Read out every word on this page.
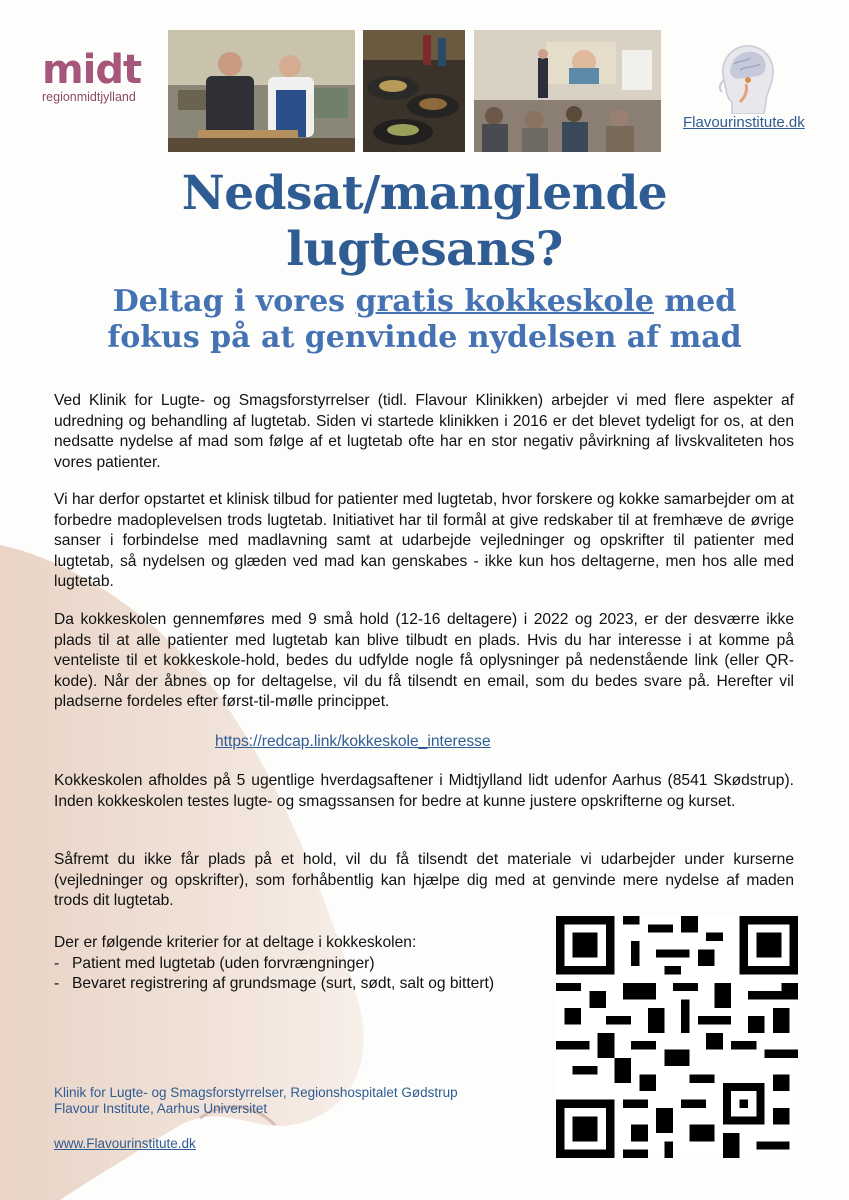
midt
regionmidtjylland
Flavourinstitute.dk
Nedsat/manglende
lugtesans?
Deltag i vores gratis kokkeskole med
fokus på at genvinde nydelsen af mad

Ved Klinik for Lugte- og Smagsforstyrrelser (tidl. Flavour Klinikken) arbejder vi med flere aspekter af udredning og behandling af lugtetab. Siden vi startede klinikken i 2016 er det blevet tydeligt for os, at den nedsatte nydelse af mad som følge af et lugtetab ofte har en stor negativ påvirkning af livskvaliteten hos vores patienter.

Vi har derfor opstartet et klinisk tilbud for patienter med lugtetab, hvor forskere og kokke samarbejder om at forbedre madoplevelsen trods lugtetab. Initiativet har til formål at give redskaber til at fremhæve de øvrige sanser i forbindelse med madlavning samt at udarbejde vejledninger og opskrifter til patienter med lugtetab, så nydelsen og glæden ved mad kan genskabes - ikke kun hos deltagerne, men hos alle med lugtetab.

Da kokkeskolen gennemføres med 9 små hold (12-16 deltagere) i 2022 og 2023, er der desværre ikke plads til at alle patienter med lugtetab kan blive tilbudt en plads. Hvis du har interesse i at komme på venteliste til et kokkeskole-hold, bedes du udfylde nogle få oplysninger på nedenstående link (eller QR-kode). Når der åbnes op for deltagelse, vil du få tilsendt en email, som du bedes svare på. Herefter vil pladserne fordeles efter først-til-mølle princippet.

https://redcap.link/kokkeskole_interesse

Kokkeskolen afholdes på 5 ugentlige hverdagsaftener i Midtjylland lidt udenfor Aarhus (8541 Skødstrup). Inden kokkeskolen testes lugte- og smagssansen for bedre at kunne justere opskrifterne og kurset.

Såfremt du ikke får plads på et hold, vil du få tilsendt det materiale vi udarbejder under kurserne (vejledninger og opskrifter), som forhåbentlig kan hjælpe dig med at genvinde mere nydelse af maden trods dit lugtetab.

Der er følgende kriterier for at deltage i kokkeskolen:
- Patient med lugtetab (uden forvrængninger)
- Bevaret registrering af grundsmage (surt, sødt, salt og bittert)
Klinik for Lugte- og Smagsforstyrrelser, Regionshospitalet Gødstrup
Flavour Institute, Aarhus Universitet
www.Flavourinstitute.dk
